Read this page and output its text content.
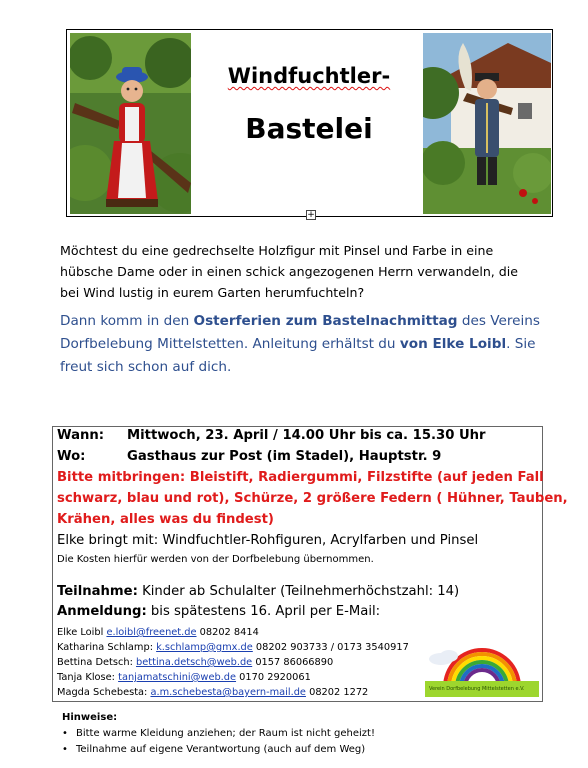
Windfuchtler-
Bastelei
+
Möchtest du eine gedrechselte Holzfigur mit Pinsel und Farbe in eine hübsche Dame oder in einen schick angezogenen Herrn verwandeln, die bei Wind lustig in eurem Garten herumfuchteln?
Dann komm in den Osterferien zum Bastelnachmittag des Vereins Dorfbelebung Mittelstetten. Anleitung erhältst du von Elke Loibl. Sie freut sich schon auf dich.
Wann: Mittwoch, 23. April / 14.00 Uhr bis ca. 15.30 Uhr
Wo:	Gasthaus zur Post (im Stadel), Hauptstr. 9
Bitte mitbringen: Bleistift, Radiergummi, Filzstifte (auf jeden Fall
schwarz, blau und rot), Schürze, 2 größere Federn ( Hühner, Tauben,
Krähen, alles was du findest)
Elke bringt mit: Windfuchtler-Rohfiguren, Acrylfarben und Pinsel
Die Kosten hierfür werden von der Dorfbelebung übernommen.
Teilnahme: Kinder ab Schulalter (Teilnehmerhöchstzahl: 14)
Anmeldung: bis spätestens 16. April per E-Mail:
Elke Loibl e.loibl@freenet.de 08202 8414
Katharina Schlamp: k.schlamp@gmx.de 08202 903733 / 0173 3540917
Bettina Detsch: bettina.detsch@web.de 0157 86066890
Tanja Klose: tanjamatschini@web.de 0170 2920061
Magda Schebesta: a.m.schebesta@bayern-mail.de 08202 1272	Verein Dorfbelebung Mittelstetten e.V.
Hinweise:
• Bitte warme Kleidung anziehen; der Raum ist nicht geheizt!
• Teilnahme auf eigene Verantwortung (auch auf dem Weg)
